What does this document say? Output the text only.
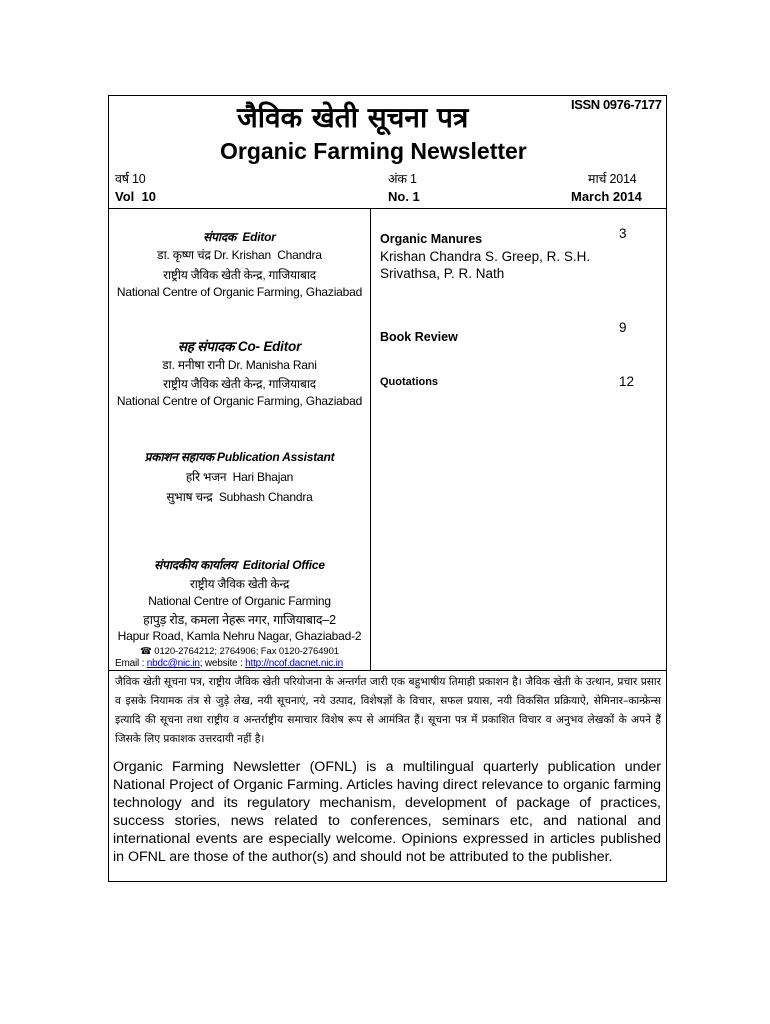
जैविक खेती सूचना पत्र	ISSN 0976-7177
Organic Farming Newsletter
वर्ष 10	अंक 1	मार्च 2014
Vol  10	No. 1	March 2014
संपादक Editor
डा. कृष्ण चंद्र Dr. Krishan  Chandra
राष्ट्रीय जैविक खेती केन्द्र, गाजियाबाद
National Centre of Organic Farming, Ghaziabad
सह संपादक Co- Editor
डा. मनीषा रानी Dr. Manisha Rani
राष्ट्रीय जैविक खेती केन्द्र, गाजियाबाद
National Centre of Organic Farming, Ghaziabad
प्रकाशन सहायक Publication Assistant
हरि भजन  Hari Bhajan
सुभाष चन्द्र  Subhash Chandra
संपादकीय कार्यालय Editorial Office
राष्ट्रीय जैविक खेती केन्द्र
National Centre of Organic Farming
हापुड़ रोड, कमला नेहरू नगर, गाजियाबाद–2
Hapur Road, Kamla Nehru Nagar, Ghaziabad-2
☎ 0120-2764212; 2764906; Fax 0120-2764901
Email : nbdc@nic.in; website : http://ncof.dacnet.nic.in
Organic Manures
Krishan Chandra S. Greep, R. S.H.
Srivathsa, P. R. Nath
3
Book Review
9
Quotations	12
जैविक खेती सूचना पत्र, राष्ट्रीय जैविक खेती परियोजना के अन्तर्गत जारी एक बहुभाषीय तिमाही प्रकाशन है। जैविक खेती के उत्थान, प्रचार प्रसार व इसके नियामक तंत्र से जुड़े लेख, नयी सूचनाएं, नये उत्पाद, विशेषज्ञों के विचार, सफल प्रयास, नयी विकसित प्रक्रियाऐ, सेमिनार–कान्फ्रेन्स इत्यादि की सूचना तथा राष्ट्रीय व अन्तर्राष्ट्रीय समाचार विशेष रूप से आमंत्रित हैं। सूचना पत्र में प्रकाशित विचार व अनुभव लेखकों के अपने हैं जिसके लिए प्रकाशक उत्तरदायी नहीं है।
Organic Farming Newsletter (OFNL) is a multilingual quarterly publication under National Project of Organic Farming. Articles having direct relevance to organic farming technology and its regulatory mechanism, development of package of practices, success stories, news related to conferences, seminars etc, and national and international events are especially welcome. Opinions expressed in articles published in OFNL are those of the author(s) and should not be attributed to the publisher.
